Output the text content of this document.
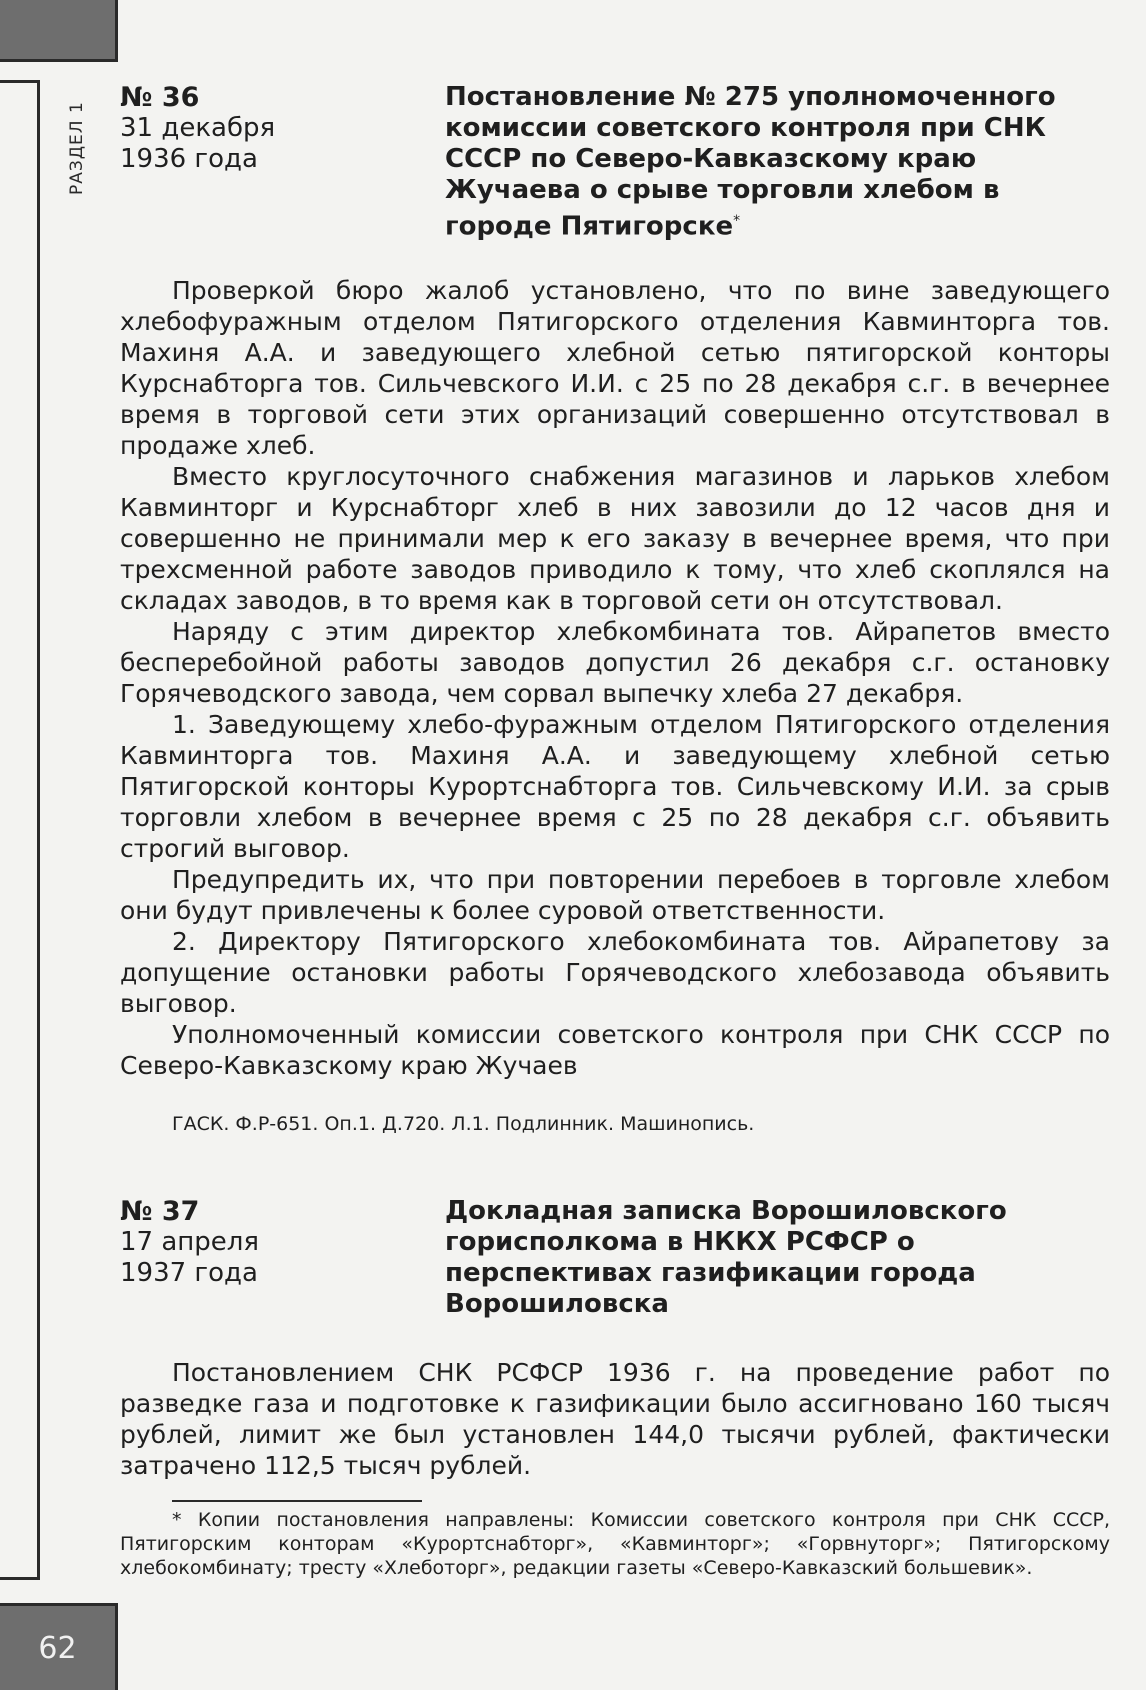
РАЗДЕЛ 1
№ 36
31 декабря
1936 года
Постановление № 275 уполномоченного комиссии советского контроля при СНК СССР по Северо-Кавказскому краю Жучаева о срыве торговли хлебом в городе Пятигорске*

Проверкой бюро жалоб установлено, что по вине заведующего хлебофуражным отделом Пятигорского отделения Кавминторга тов. Махиня А.А. и заведующего хлебной сетью пятигорской конторы Курснабторга тов. Сильчевского И.И. с 25 по 28 декабря с.г. в вечернее время в торговой сети этих организаций совершенно отсутствовал в продаже хлеб.

Вместо круглосуточного снабжения магазинов и ларьков хлебом Кавминторг и Курснабторг хлеб в них завозили до 12 часов дня и совершенно не принимали мер к его заказу в вечернее время, что при трехсменной работе заводов приводило к тому, что хлеб скоплялся на складах заводов, в то время как в торговой сети он отсутствовал.

Наряду с этим директор хлебкомбината тов. Айрапетов вместо бесперебойной работы заводов допустил 26 декабря с.г. остановку Горячеводского завода, чем сорвал выпечку хлеба 27 декабря.

1. Заведующему хлебо-фуражным отделом Пятигорского отделения Кавминторга тов. Махиня А.А. и заведующему хлебной сетью Пятигорской конторы Курортснабторга тов. Сильчевскому И.И. за срыв торговли хлебом в вечернее время с 25 по 28 декабря с.г. объявить строгий выговор.

Предупредить их, что при повторении перебоев в торговле хлебом они будут привлечены к более суровой ответственности.

2. Директору Пятигорского хлебокомбината тов. Айрапетову за допущение остановки работы Горячеводского хлебозавода объявить выговор.

Уполномоченный комиссии советского контроля при СНК СССР по Северо-Кавказскому краю Жучаев

ГАСК. Ф.Р-651. Оп.1. Д.720. Л.1. Подлинник. Машинопись.
№ 37
17 апреля
1937 года
Докладная записка Ворошиловского горисполкома в НККХ РСФСР о перспективах газификации города Ворошиловска

Постановлением СНК РСФСР 1936 г. на проведение работ по разведке газа и подготовке к газификации было ассигновано 160 тысяч рублей, лимит же был установлен 144,0 тысячи рублей, фактически затрачено 112,5 тысяч рублей.

* Копии постановления направлены: Комиссии советского контроля при СНК СССР, Пятигорским конторам «Курортснабторг», «Кавминторг»; «Горвнуторг»; Пятигорскому хлебокомбинату; тресту «Хлеботорг», редакции газеты «Северо-Кавказский большевик».
62
